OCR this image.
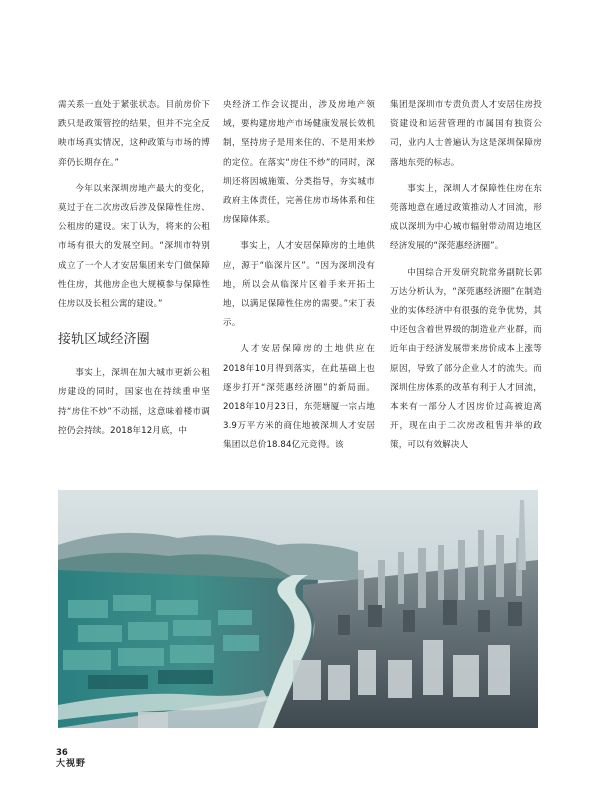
需关系一直处于紧张状态。目前房价下跌只是政策管控的结果，但并不完全反映市场真实情况，这种政策与市场的博弈仍长期存在。”

今年以来深圳房地产最大的变化，莫过于在二次房改后涉及保障性住房、公租房的建设。宋丁认为，将来的公租市场有很大的发展空间。“深圳市特别成立了一个人才安居集团来专门做保障性住房，其他房企也大规模参与保障性住房以及长租公寓的建设。”

接轨区域经济圈

事实上，深圳在加大城市更新公租房建设的同时，国家也在持续重申坚持“房住不炒”不动摇，这意味着楼市调控仍会持续。2018年12月底，中

央经济工作会议提出，涉及房地产领域，要构建房地产市场健康发展长效机制，坚持房子是用来住的、不是用来炒的定位。在落实“房住不炒”的同时，深圳还将因城施策、分类指导，夯实城市政府主体责任，完善住房市场体系和住房保障体系。

事实上，人才安居保障房的土地供应，源于“临深片区”。“因为深圳没有地，所以会从临深片区着手来开拓土地，以满足保障性住房的需要。”宋丁表示。

人才安居保障房的土地供应在2018年10月得到落实，在此基础上也逐步打开“深莞惠经济圈”的新局面。2018年10月23日，东莞塘厦一宗占地3.9万平方米的商住地被深圳人才安居集团以总价18.84亿元竞得。该

集团是深圳市专责负责人才安居住房投资建设和运营管理的市属国有独资公司，业内人士普遍认为这是深圳保障房落地东莞的标志。

事实上，深圳人才保障性住房在东莞落地意在通过政策推动人才回流，形成以深圳为中心城市辐射带动周边地区经济发展的“深莞惠经济圈”。

中国综合开发研究院常务副院长郭万达分析认为，“深莞惠经济圈”在制造业的实体经济中有很强的竞争优势，其中还包含着世界级的制造业产业群，而近年由于经济发展带来房价成本上涨等原因，导致了部分企业人才的流失。而深圳住房体系的改革有利于人才回流，本来有一部分人才因房价过高被迫离开，现在由于二次房改租售并举的政策，可以有效解决人

36
大视野
